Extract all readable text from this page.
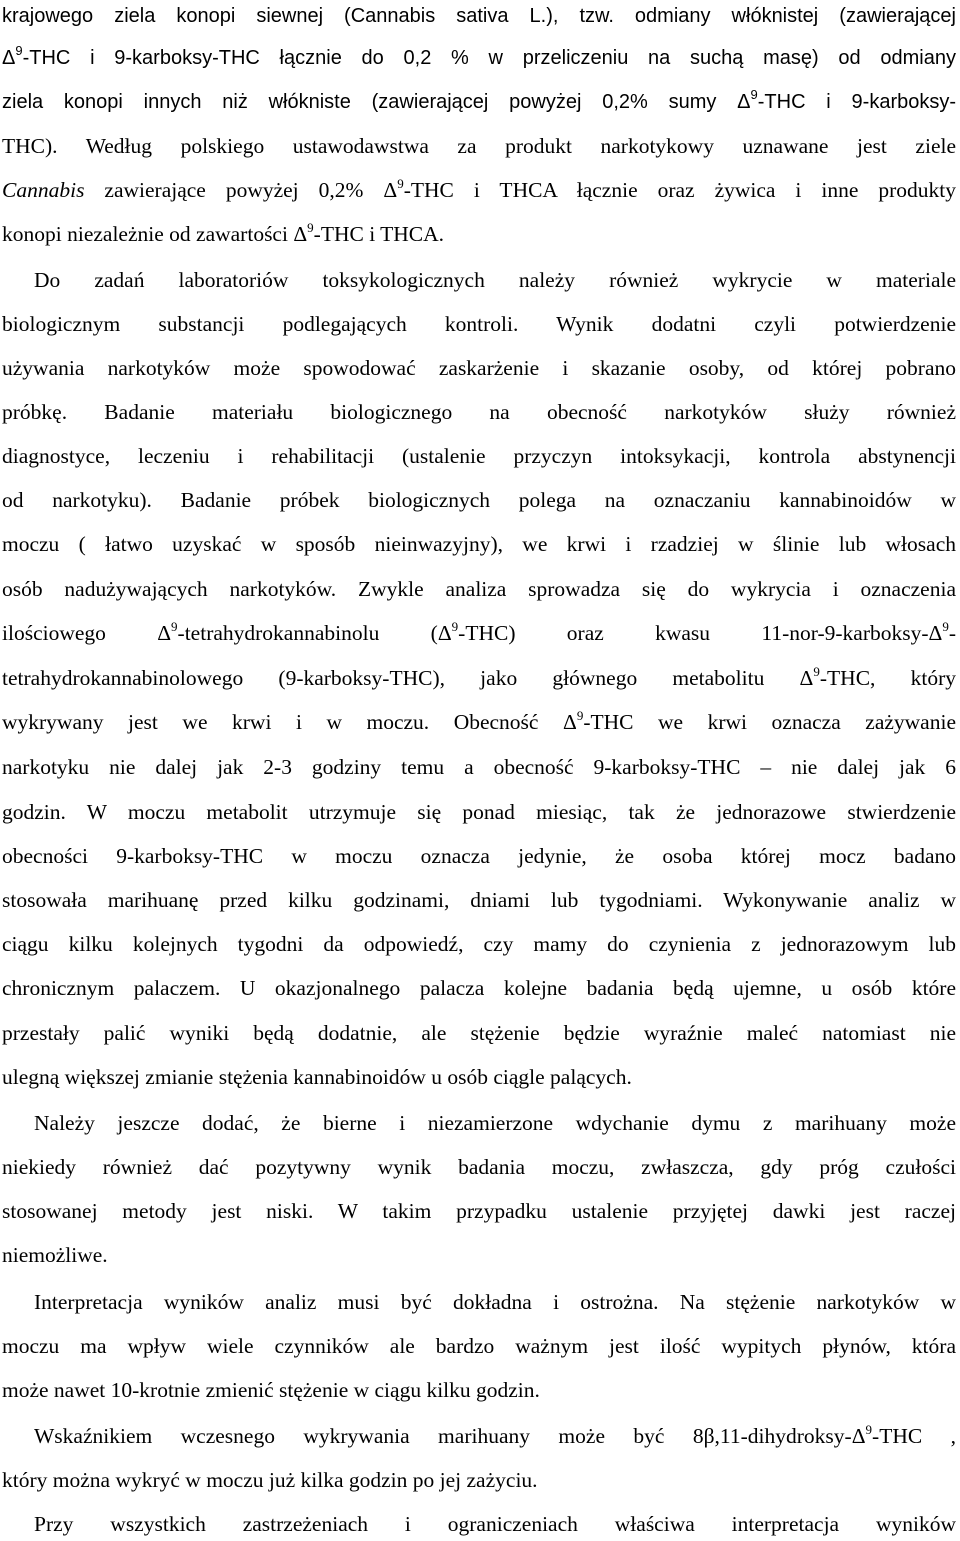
krajowego ziela konopi siewnej (Cannabis sativa L.), tzw. odmiany włóknistej (zawierającej
$\Delta^9$-THC i 9-karboksy-THC łącznie do 0,2 % w przeliczeniu na suchą masę) od odmiany
ziela konopi innych niż włókniste (zawierającej powyżej 0,2% sumy $\Delta^9$-THC i 9-karboksy-
THC). Według polskiego ustawodawstwa za produkt narkotykowy uznawane jest ziele
Cannabis zawierające powyżej 0,2% $\Delta^9$-THC i THCA łącznie oraz żywica i inne produkty
konopi niezależnie od zawartości $\Delta^9$-THC i THCA.
Do zadań laboratoriów toksykologicznych należy również wykrycie w materiale
biologicznym substancji podlegających kontroli. Wynik dodatni czyli potwierdzenie
używania narkotyków może spowodować zaskarżenie i skazanie osoby, od której pobrano
próbkę. Badanie materiału biologicznego na obecność narkotyków służy również
diagnostyce, leczeniu i rehabilitacji (ustalenie przyczyn intoksykacji, kontrola abstynencji
od narkotyku). Badanie próbek biologicznych polega na oznaczaniu kannabinoidów w
moczu ( łatwo uzyskać w sposób nieinwazyjny), we krwi i rzadziej w ślinie lub włosach
osób nadużywających narkotyków. Zwykle analiza sprowadza się do wykrycia i oznaczenia
ilościowego $\Delta^9$-tetrahydrokannabinolu $(\Delta^9-THC)$ oraz kwasu $11-nor-9-karboksy-\Delta^9-$
tetrahydrokannabinolowego (9-karboksy-THC), jako głównego metabolitu $\Delta^9$-THC, który
wykrywany jest we krwi i w moczu. Obecność $\Delta^9$-THC we krwi oznacza zażywanie
narkotyku nie dalej jak 2-3 godziny temu a obecność 9-karboksy-THC – nie dalej jak 6
godzin. W moczu metabolit utrzymuje się ponad miesiąc, tak że jednorazowe stwierdzenie
obecności 9-karboksy-THC w moczu oznacza jedynie, że osoba której mocz badano
stosowała marihuanę przed kilku godzinami, dniami lub tygodniami. Wykonywanie analiz w
ciągu kilku kolejnych tygodni da odpowiedź, czy mamy do czynienia z jednorazowym lub
chronicznym palaczem. U okazjonalnego palacza kolejne badania będą ujemne, u osób które
przestały palić wyniki będą dodatnie, ale stężenie będzie wyraźnie maleć natomiast nie
ulegną większej zmianie stężenia kannabinoidów u osób ciągle palących.
Należy jeszcze dodać, że bierne i niezamierzone wdychanie dymu z marihuany może
niekiedy również dać pozytywny wynik badania moczu, zwłaszcza, gdy próg czułości
stosowanej metody jest niski. W takim przypadku ustalenie przyjętej dawki jest raczej
niemożliwe.
Interpretacja wyników analiz musi być dokładna i ostrożna. Na stężenie narkotyków w
moczu ma wpływ wiele czynników ale bardzo ważnym jest ilość wypitych płynów, która
może nawet 10-krotnie zmienić stężenie w ciągu kilku godzin.
Wskaźnikiem wczesnego wykrywania marihuany może być $8\beta,11-dihydroksy-\Delta^9$-THC ,
który można wykryć w moczu już kilka godzin po jej zażyciu.
Przy wszystkich zastrzeżeniach i ograniczeniach właściwa interpretacja wyników
